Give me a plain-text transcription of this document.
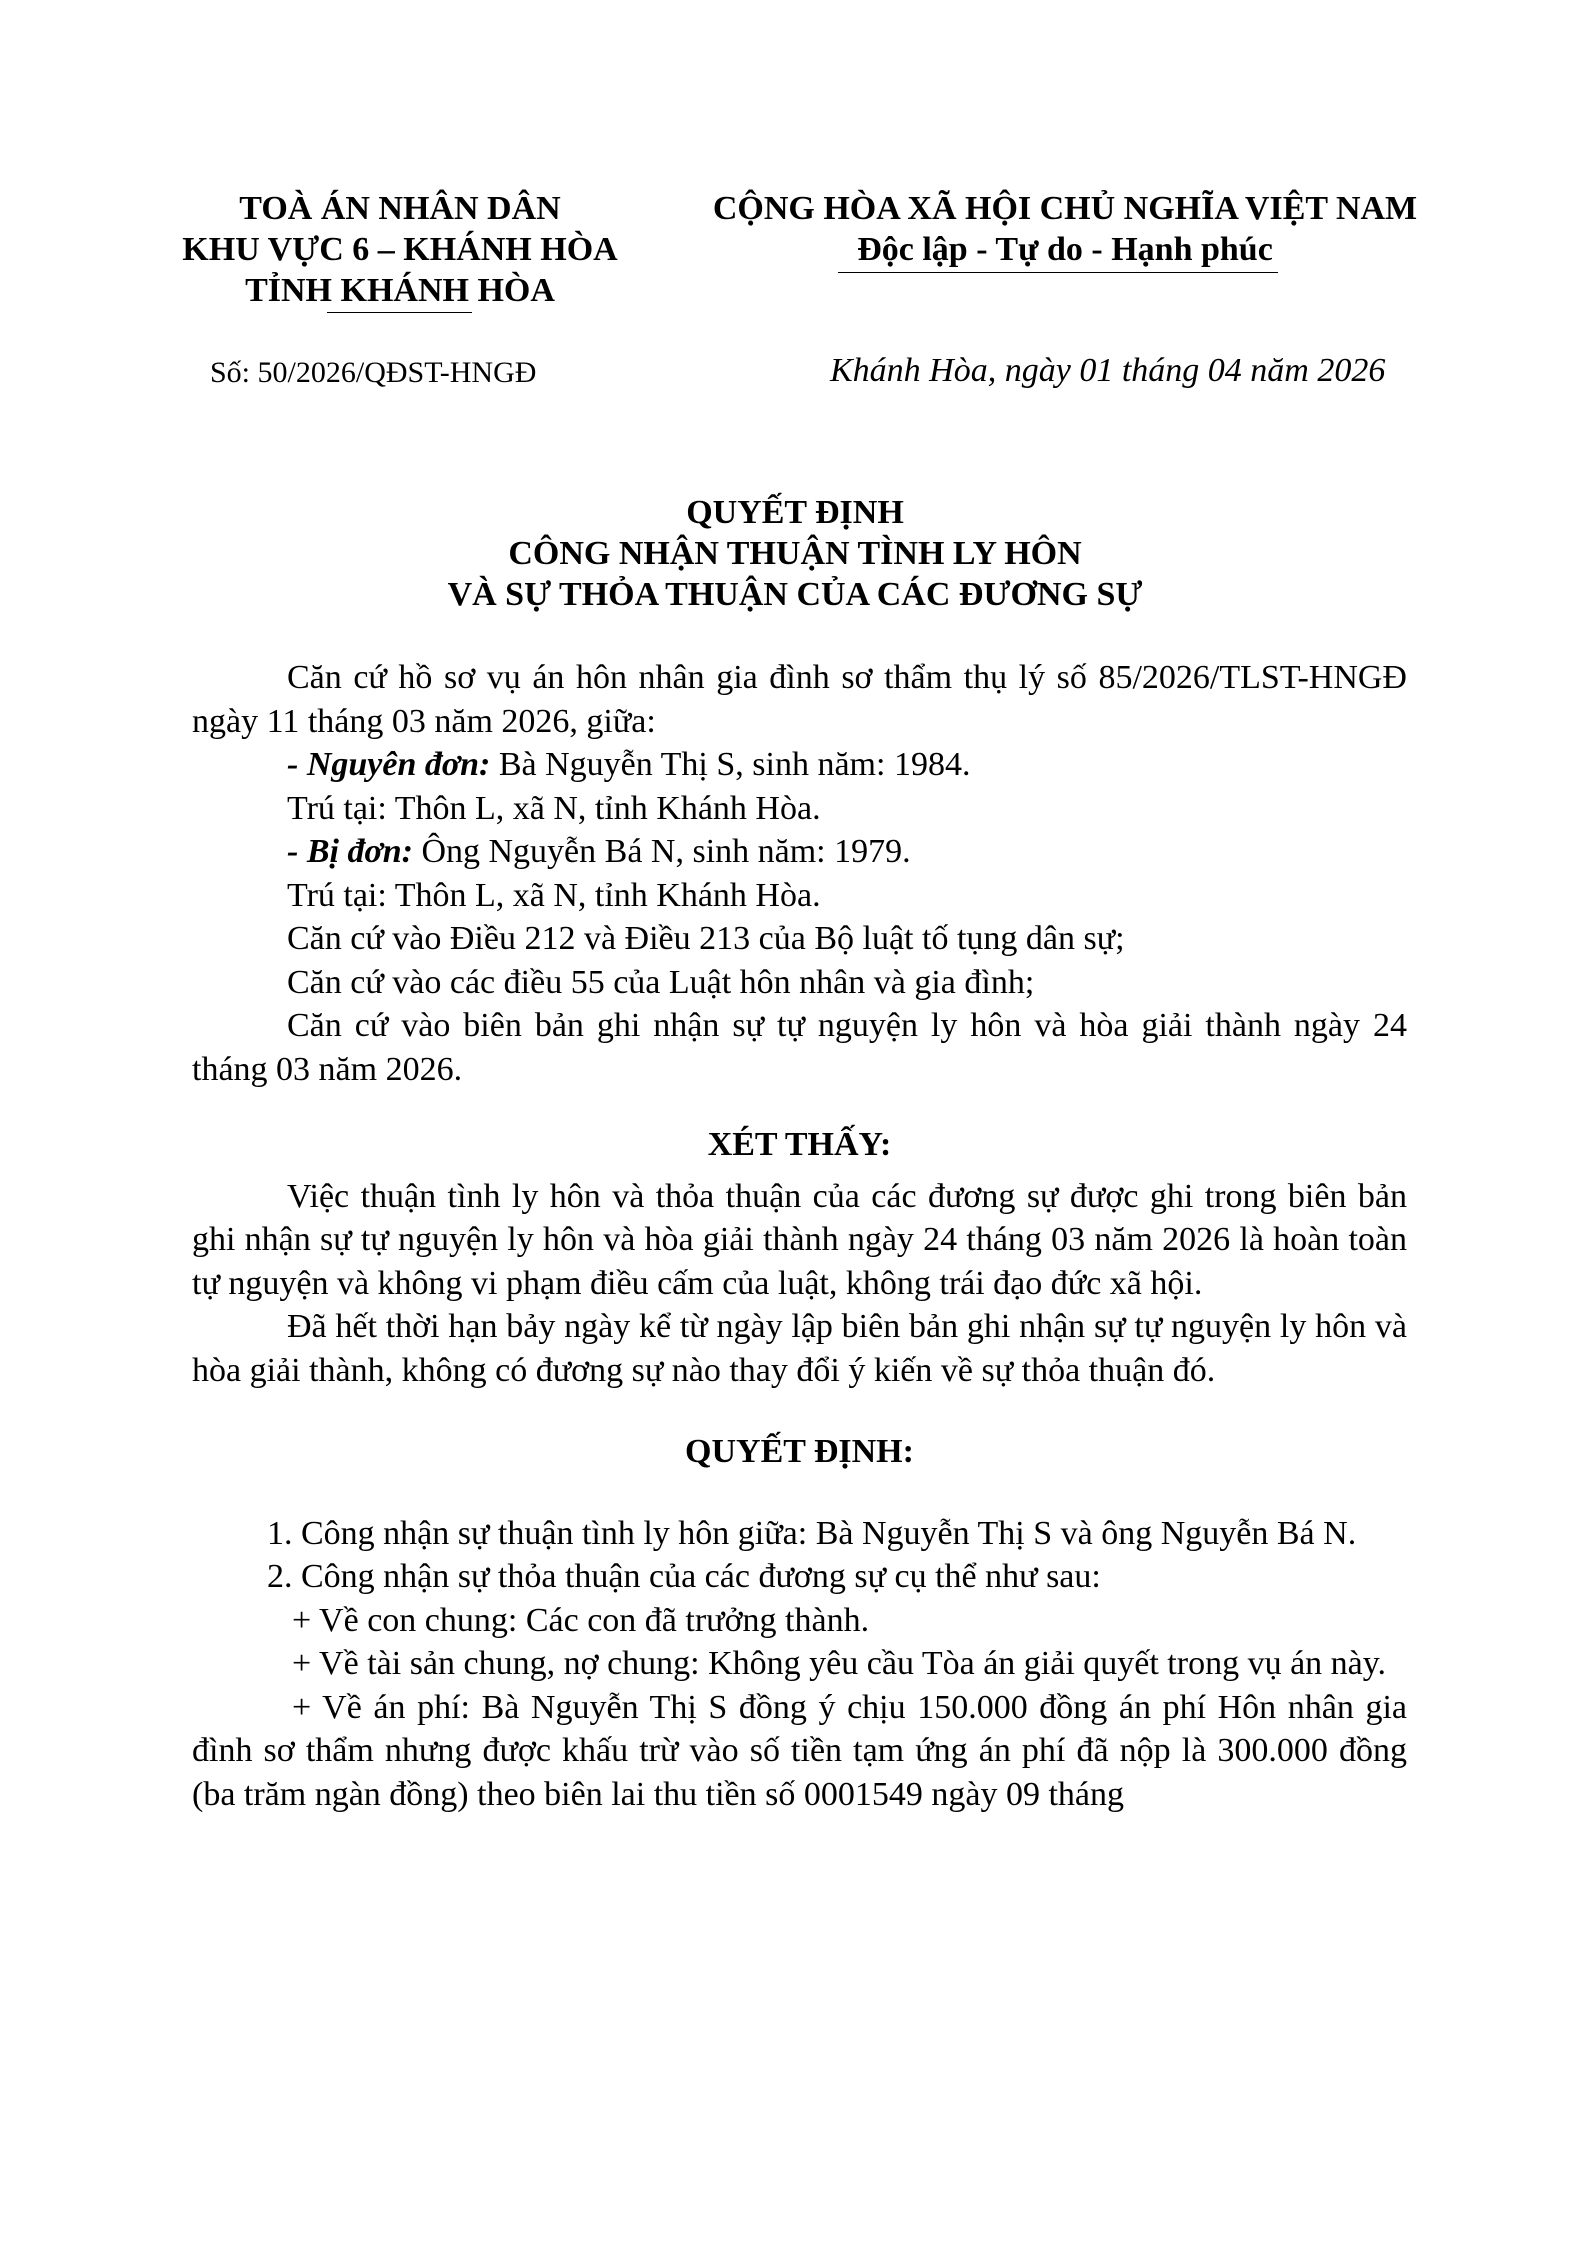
TOÀ ÁN NHÂN DÂN
KHU VỰC 6 – KHÁNH HÒA
TỈNH KHÁNH HÒA
CỘNG HÒA XÃ HỘI CHỦ NGHĨA VIỆT NAM
Độc lập - Tự do - Hạnh phúc
Số: 50/2026/QĐST-HNGĐ	Khánh Hòa, ngày 01 tháng 04 năm 2026
QUYẾT ĐỊNH
CÔNG NHẬN THUẬN TÌNH LY HÔN
VÀ SỰ THỎA THUẬN CỦA CÁC ĐƯƠNG SỰ

Căn cứ hồ sơ vụ án hôn nhân gia đình sơ thẩm thụ lý số 85/2026/TLST-HNGĐ ngày 11 tháng 03 năm 2026, giữa:

- Nguyên đơn: Bà Nguyễn Thị S, sinh năm: 1984.

Trú tại: Thôn L, xã N, tỉnh Khánh Hòa.

- Bị đơn: Ông Nguyễn Bá N, sinh năm: 1979.

Trú tại: Thôn L, xã N, tỉnh Khánh Hòa.

Căn cứ vào Điều 212 và Điều 213 của Bộ luật tố tụng dân sự;

Căn cứ vào các điều 55 của Luật hôn nhân và gia đình;

Căn cứ vào biên bản ghi nhận sự tự nguyện ly hôn và hòa giải thành ngày 24 tháng 03 năm 2026.

XÉT THẤY:

Việc thuận tình ly hôn và thỏa thuận của các đương sự được ghi trong biên bản ghi nhận sự tự nguyện ly hôn và hòa giải thành ngày 24 tháng 03 năm 2026 là hoàn toàn tự nguyện và không vi phạm điều cấm của luật, không trái đạo đức xã hội.

Đã hết thời hạn bảy ngày kể từ ngày lập biên bản ghi nhận sự tự nguyện ly hôn và hòa giải thành, không có đương sự nào thay đổi ý kiến về sự thỏa thuận đó.

QUYẾT ĐỊNH:

1. Công nhận sự thuận tình ly hôn giữa: Bà Nguyễn Thị S và ông Nguyễn Bá N.

2. Công nhận sự thỏa thuận của các đương sự cụ thể như sau:

+ Về con chung: Các con đã trưởng thành.

+ Về tài sản chung, nợ chung: Không yêu cầu Tòa án giải quyết trong vụ án này.

+ Về án phí: Bà Nguyễn Thị S đồng ý chịu 150.000 đồng án phí Hôn nhân gia đình sơ thẩm nhưng được khấu trừ vào số tiền tạm ứng án phí đã nộp là 300.000 đồng (ba trăm ngàn đồng) theo biên lai thu tiền số 0001549 ngày 09 tháng
